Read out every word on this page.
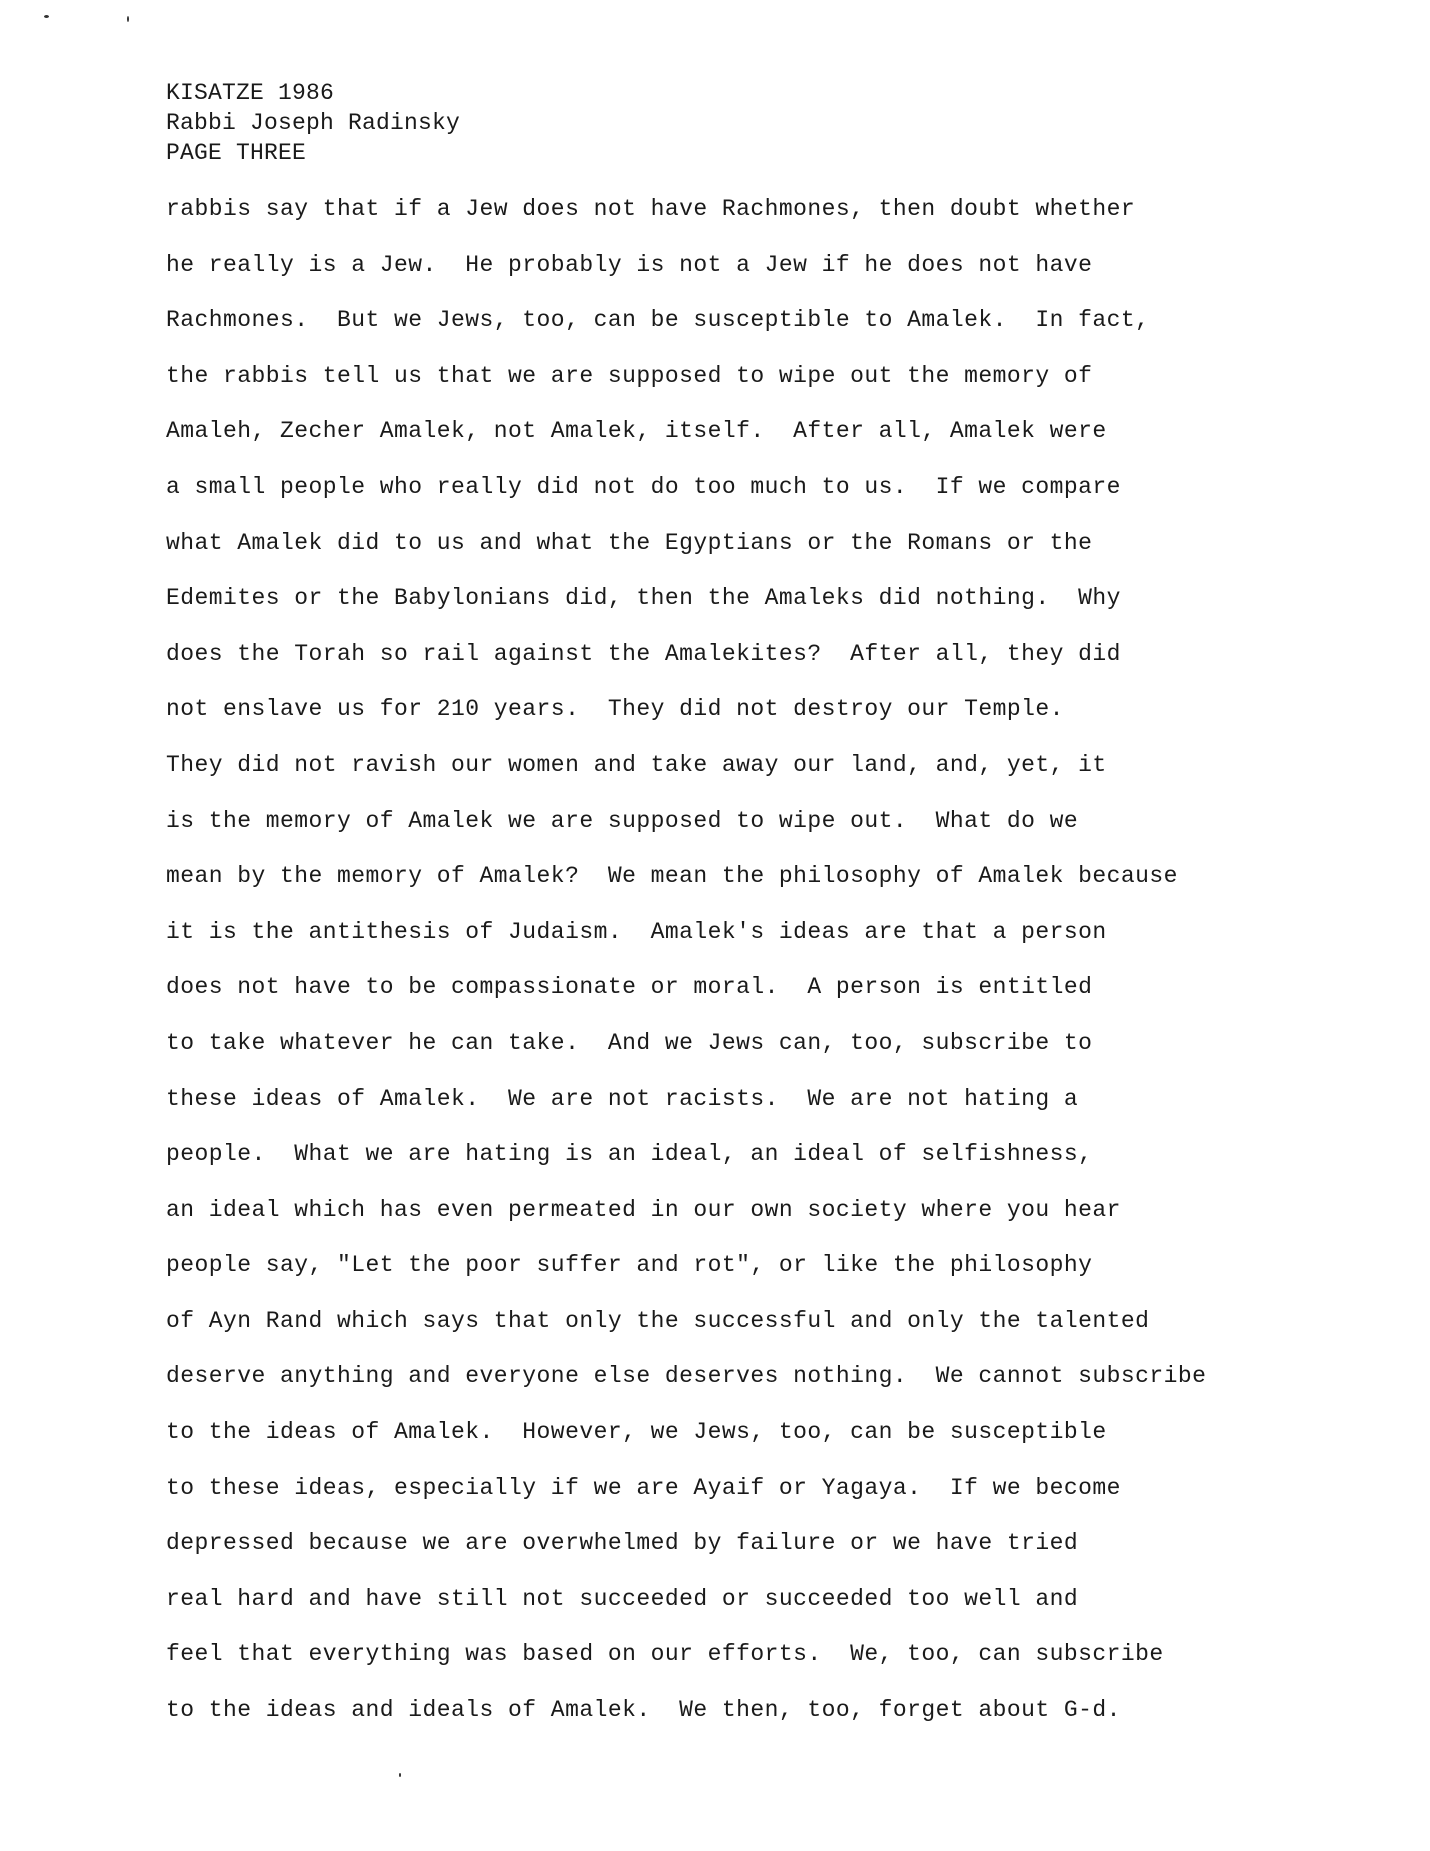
KISATZE 1986
Rabbi Joseph Radinsky
PAGE THREE
rabbis say that if a Jew does not have Rachmones, then doubt whether
he really is a Jew.  He probably is not a Jew if he does not have
Rachmones.  But we Jews, too, can be susceptible to Amalek.  In fact,
the rabbis tell us that we are supposed to wipe out the memory of
Amaleh, Zecher Amalek, not Amalek, itself.  After all, Amalek were
a small people who really did not do too much to us.  If we compare
what Amalek did to us and what the Egyptians or the Romans or the
Edemites or the Babylonians did, then the Amaleks did nothing.  Why
does the Torah so rail against the Amalekites?  After all, they did
not enslave us for 210 years.  They did not destroy our Temple.
They did not ravish our women and take away our land, and, yet, it
is the memory of Amalek we are supposed to wipe out.  What do we
mean by the memory of Amalek?  We mean the philosophy of Amalek because
it is the antithesis of Judaism.  Amalek's ideas are that a person
does not have to be compassionate or moral.  A person is entitled
to take whatever he can take.  And we Jews can, too, subscribe to
these ideas of Amalek.  We are not racists.  We are not hating a
people.  What we are hating is an ideal, an ideal of selfishness,
an ideal which has even permeated in our own society where you hear
people say, "Let the poor suffer and rot", or like the philosophy
of Ayn Rand which says that only the successful and only the talented
deserve anything and everyone else deserves nothing.  We cannot subscribe
to the ideas of Amalek.  However, we Jews, too, can be susceptible
to these ideas, especially if we are Ayaif or Yagaya.  If we become
depressed because we are overwhelmed by failure or we have tried
real hard and have still not succeeded or succeeded too well and
feel that everything was based on our efforts.  We, too, can subscribe
to the ideas and ideals of Amalek.  We then, too, forget about G-d.
